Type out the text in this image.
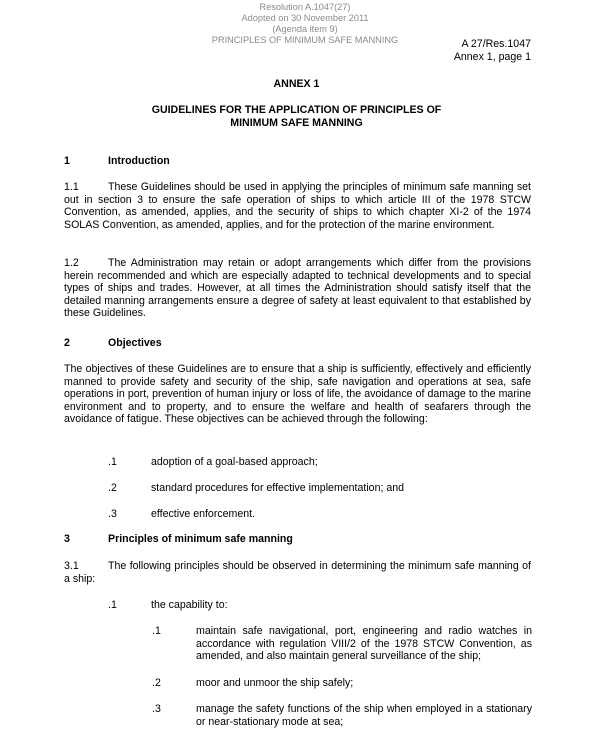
Resolution A.1047(27)
Adopted on 30 November 2011
(Agenda item 9)
PRINCIPLES OF MINIMUM SAFE MANNING	A 27/Res.1047
Annex 1, page 1
ANNEX 1
GUIDELINES FOR THE APPLICATION OF PRINCIPLES OF
MINIMUM SAFE MANNING
1	Introduction
1.1	These Guidelines should be used in applying the principles of minimum safe manning set out in section 3 to ensure the safe operation of ships to which article III of the 1978 STCW Convention, as amended, applies, and the security of ships to which chapter XI-2 of the 1974 SOLAS Convention, as amended, applies, and for the protection of the marine environment.
1.2	The Administration may retain or adopt arrangements which differ from the provisions herein recommended and which are especially adapted to technical developments and to special types of ships and trades. However, at all times the Administration should satisfy itself that the detailed manning arrangements ensure a degree of safety at least equivalent to that established by these Guidelines.
2	Objectives
The objectives of these Guidelines are to ensure that a ship is sufficiently, effectively and efficiently manned to provide safety and security of the ship, safe navigation and operations at sea, safe operations in port, prevention of human injury or loss of life, the avoidance of damage to the marine environment and to property, and to ensure the welfare and health of seafarers through the avoidance of fatigue. These objectives can be achieved through the following:
.1	adoption of a goal-based approach;
.2	standard procedures for effective implementation; and
.3	effective enforcement.
3	Principles of minimum safe manning
3.1	The following principles should be observed in determining the minimum safe manning of a ship:
.1	the capability to:
.1	maintain safe navigational, port, engineering and radio watches in accordance with regulation VIII/2 of the 1978 STCW Convention, as amended, and also maintain general surveillance of the ship;
.2	moor and unmoor the ship safely;
.3	manage the safety functions of the ship when employed in a stationary or near-stationary mode at sea;
